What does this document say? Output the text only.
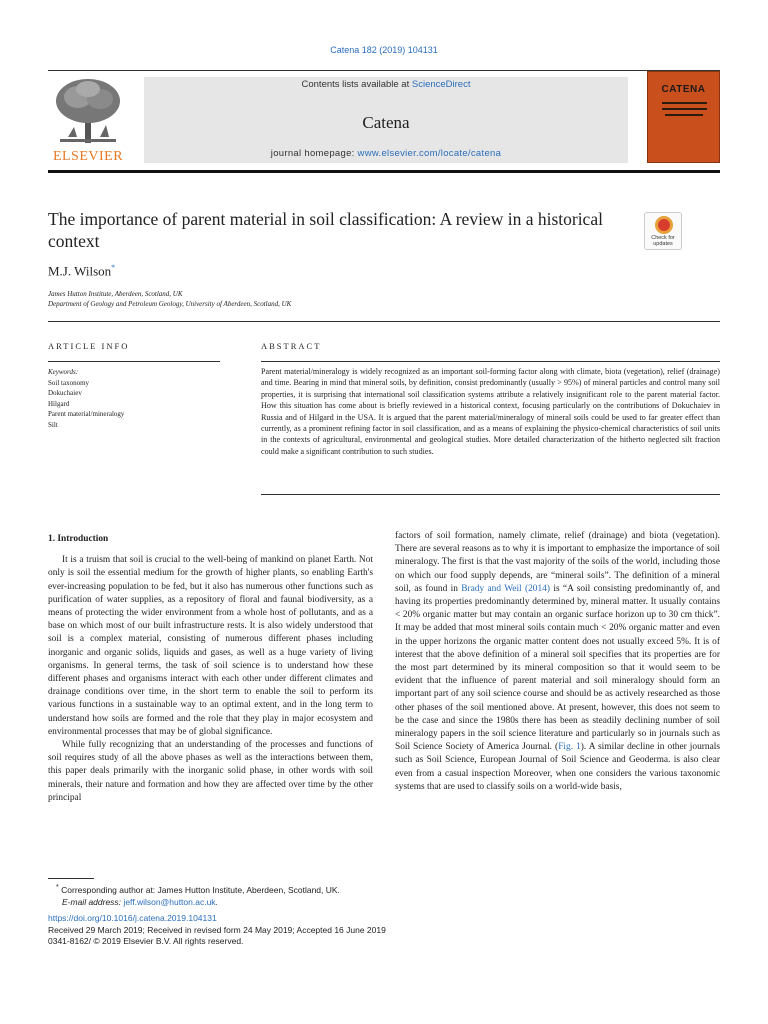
Catena 182 (2019) 104131
ELSEVIER
Contents lists available at ScienceDirect
Catena
journal homepage: www.elsevier.com/locate/catena
CATENA
The importance of parent material in soil classification: A review in a historical context	Check for updates
M.J. Wilson*
James Hutton Institute, Aberdeen, Scotland, UK
Department of Geology and Petroleum Geology, University of Aberdeen, Scotland, UK
ARTICLE INFO	ABSTRACT
Keywords:
Soil taxonomy
Dokuchaiev
Hilgard
Parent material/mineralogy
Silt
Parent material/mineralogy is widely recognized as an important soil-forming factor along with climate, biota (vegetation), relief (drainage) and time. Bearing in mind that mineral soils, by definition, consist predominantly (usually > 95%) of mineral particles and control many soil properties, it is surprising that international soil classification systems attribute a relatively insignificant role to the parent material factor. How this situation has come about is briefly reviewed in a historical context, focusing particularly on the contributions of Dokuchaiev in Russia and of Hilgard in the USA. It is argued that the parent material/mineralogy of mineral soils could be used to far greater effect than currently, as a prominent refining factor in soil classification, and as a means of explaining the physico-chemical characteristics of soil units in the contexts of agricultural, environmental and geological studies. More detailed characterization of the hitherto neglected silt fraction could make a significant contribution to such studies.
1. Introduction

It is a truism that soil is crucial to the well-being of mankind on planet Earth. Not only is soil the essential medium for the growth of higher plants, so enabling Earth's ever-increasing population to be fed, but it also has numerous other functions such as purification of water supplies, as a repository of floral and faunal biodiversity, as a means of protecting the wider environment from a whole host of pollutants, and as a base on which most of our built infrastructure rests. It is also widely understood that soil is a complex material, consisting of numerous different phases including inorganic and organic solids, liquids and gases, as well as a huge variety of living organisms. In general terms, the task of soil science is to understand how these different phases and organisms interact with each other under different climates and drainage conditions over time, in the short term to enable the soil to perform its various functions in a sustainable way to an optimal extent, and in the long term to understand how soils are formed and the role that they play in major ecosystem and environmental processes that may be of global significance.

While fully recognizing that an understanding of the processes and functions of soil requires study of all the above phases as well as the interactions between them, this paper deals primarily with the inorganic solid phase, in other words with soil minerals, their nature and formation and how they are affected over time by the other principal

factors of soil formation, namely climate, relief (drainage) and biota (vegetation). There are several reasons as to why it is important to emphasize the importance of soil mineralogy. The first is that the vast majority of the soils of the world, including those on which our food supply depends, are “mineral soils”. The definition of a mineral soil, as found in Brady and Weil (2014) is “A soil consisting predominantly of, and having its properties predominantly determined by, mineral matter. It usually contains < 20% organic matter but may contain an organic surface horizon up to 30 cm thick”. It may be added that most mineral soils contain much < 20% organic matter and even in the upper horizons the organic matter content does not usually exceed 5%. It is of interest that the above definition of a mineral soil specifies that its properties are for the most part determined by its mineral composition so that it would seem to be evident that the influence of parent material and soil mineralogy should form an important part of any soil science course and should be as actively researched as those other phases of the soil mentioned above. At present, however, this does not seem to be the case and since the 1980s there has been as steadily declining number of soil mineralogy papers in the soil science literature and particularly so in journals such as Soil Science Society of America Journal. (Fig. 1). A similar decline in other journals such as Soil Science, European Journal of Soil Science and Geoderma. is also clear even from a casual inspection Moreover, when one considers the various taxonomic systems that are used to classify soils on a world-wide basis,

* Corresponding author at: James Hutton Institute, Aberdeen, Scotland, UK.
E-mail address: jeff.wilson@hutton.ac.uk.
https://doi.org/10.1016/j.catena.2019.104131
Received 29 March 2019; Received in revised form 24 May 2019; Accepted 16 June 2019
0341-8162/ © 2019 Elsevier B.V. All rights reserved.
